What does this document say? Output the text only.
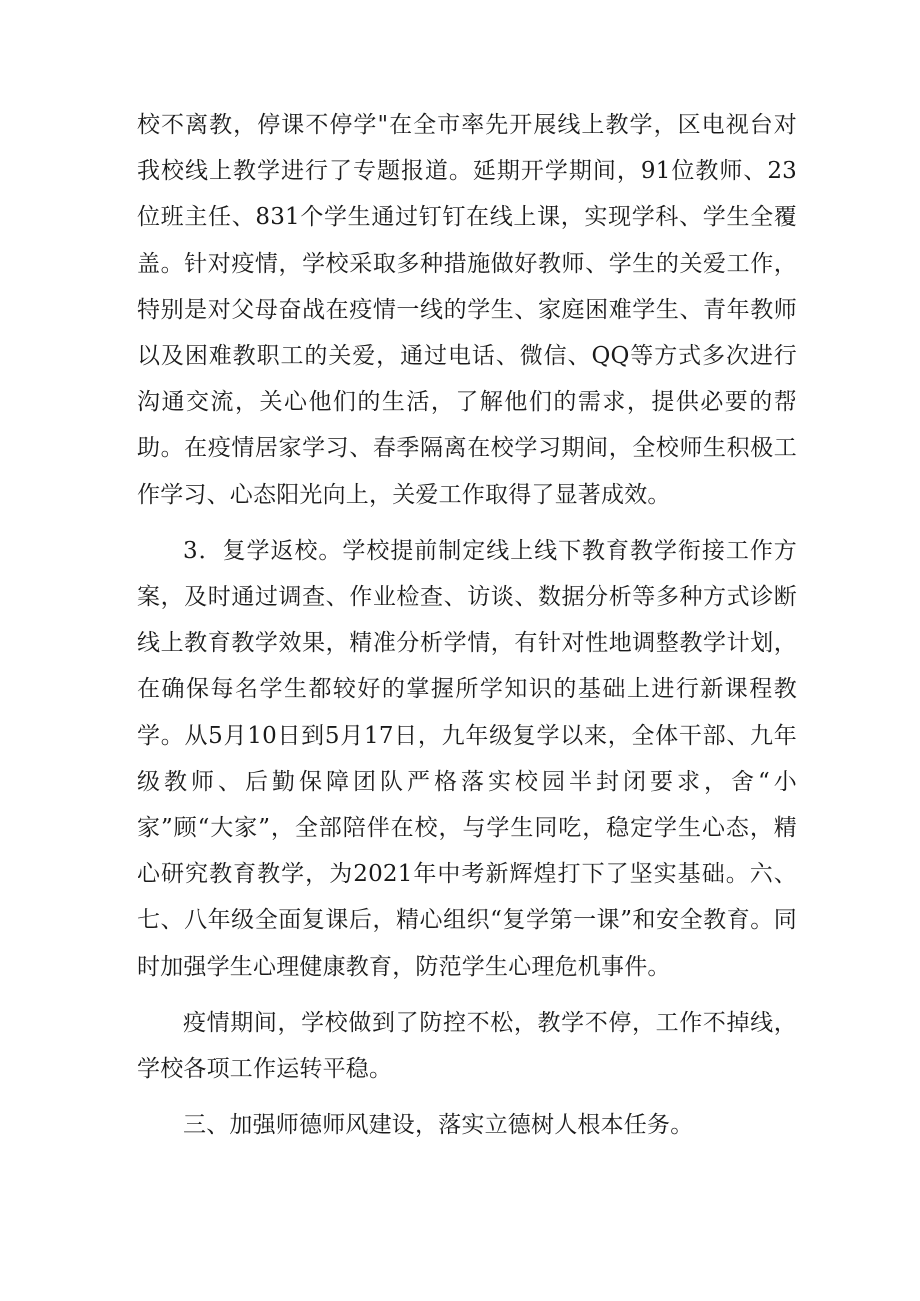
校不离教，停课不停学"在全市率先开展线上教学，区电视台对我校线上教学进行了专题报道。延期开学期间，91位教师、23位班主任、831个学生通过钉钉在线上课，实现学科、学生全覆盖。针对疫情，学校采取多种措施做好教师、学生的关爱工作，特别是对父母奋战在疫情一线的学生、家庭困难学生、青年教师以及困难教职工的关爱，通过电话、微信、QQ等方式多次进行沟通交流，关心他们的生活，了解他们的需求，提供必要的帮助。在疫情居家学习、春季隔离在校学习期间，全校师生积极工作学习、心态阳光向上，关爱工作取得了显著成效。

3．复学返校。学校提前制定线上线下教育教学衔接工作方案，及时通过调查、作业检查、访谈、数据分析等多种方式诊断线上教育教学效果，精准分析学情，有针对性地调整教学计划，在确保每名学生都较好的掌握所学知识的基础上进行新课程教学。从5月10日到5月17日，九年级复学以来，全体干部、九年级教师、后勤保障团队严格落实校园半封闭要求，舍“小家”顾“大家”，全部陪伴在校，与学生同吃，稳定学生心态，精心研究教育教学，为2021年中考新辉煌打下了坚实基础。六、七、八年级全面复课后，精心组织“复学第一课”和安全教育。同时加强学生心理健康教育，防范学生心理危机事件。

疫情期间，学校做到了防控不松，教学不停，工作不掉线，学校各项工作运转平稳。

三、加强师德师风建设，落实立德树人根本任务。
